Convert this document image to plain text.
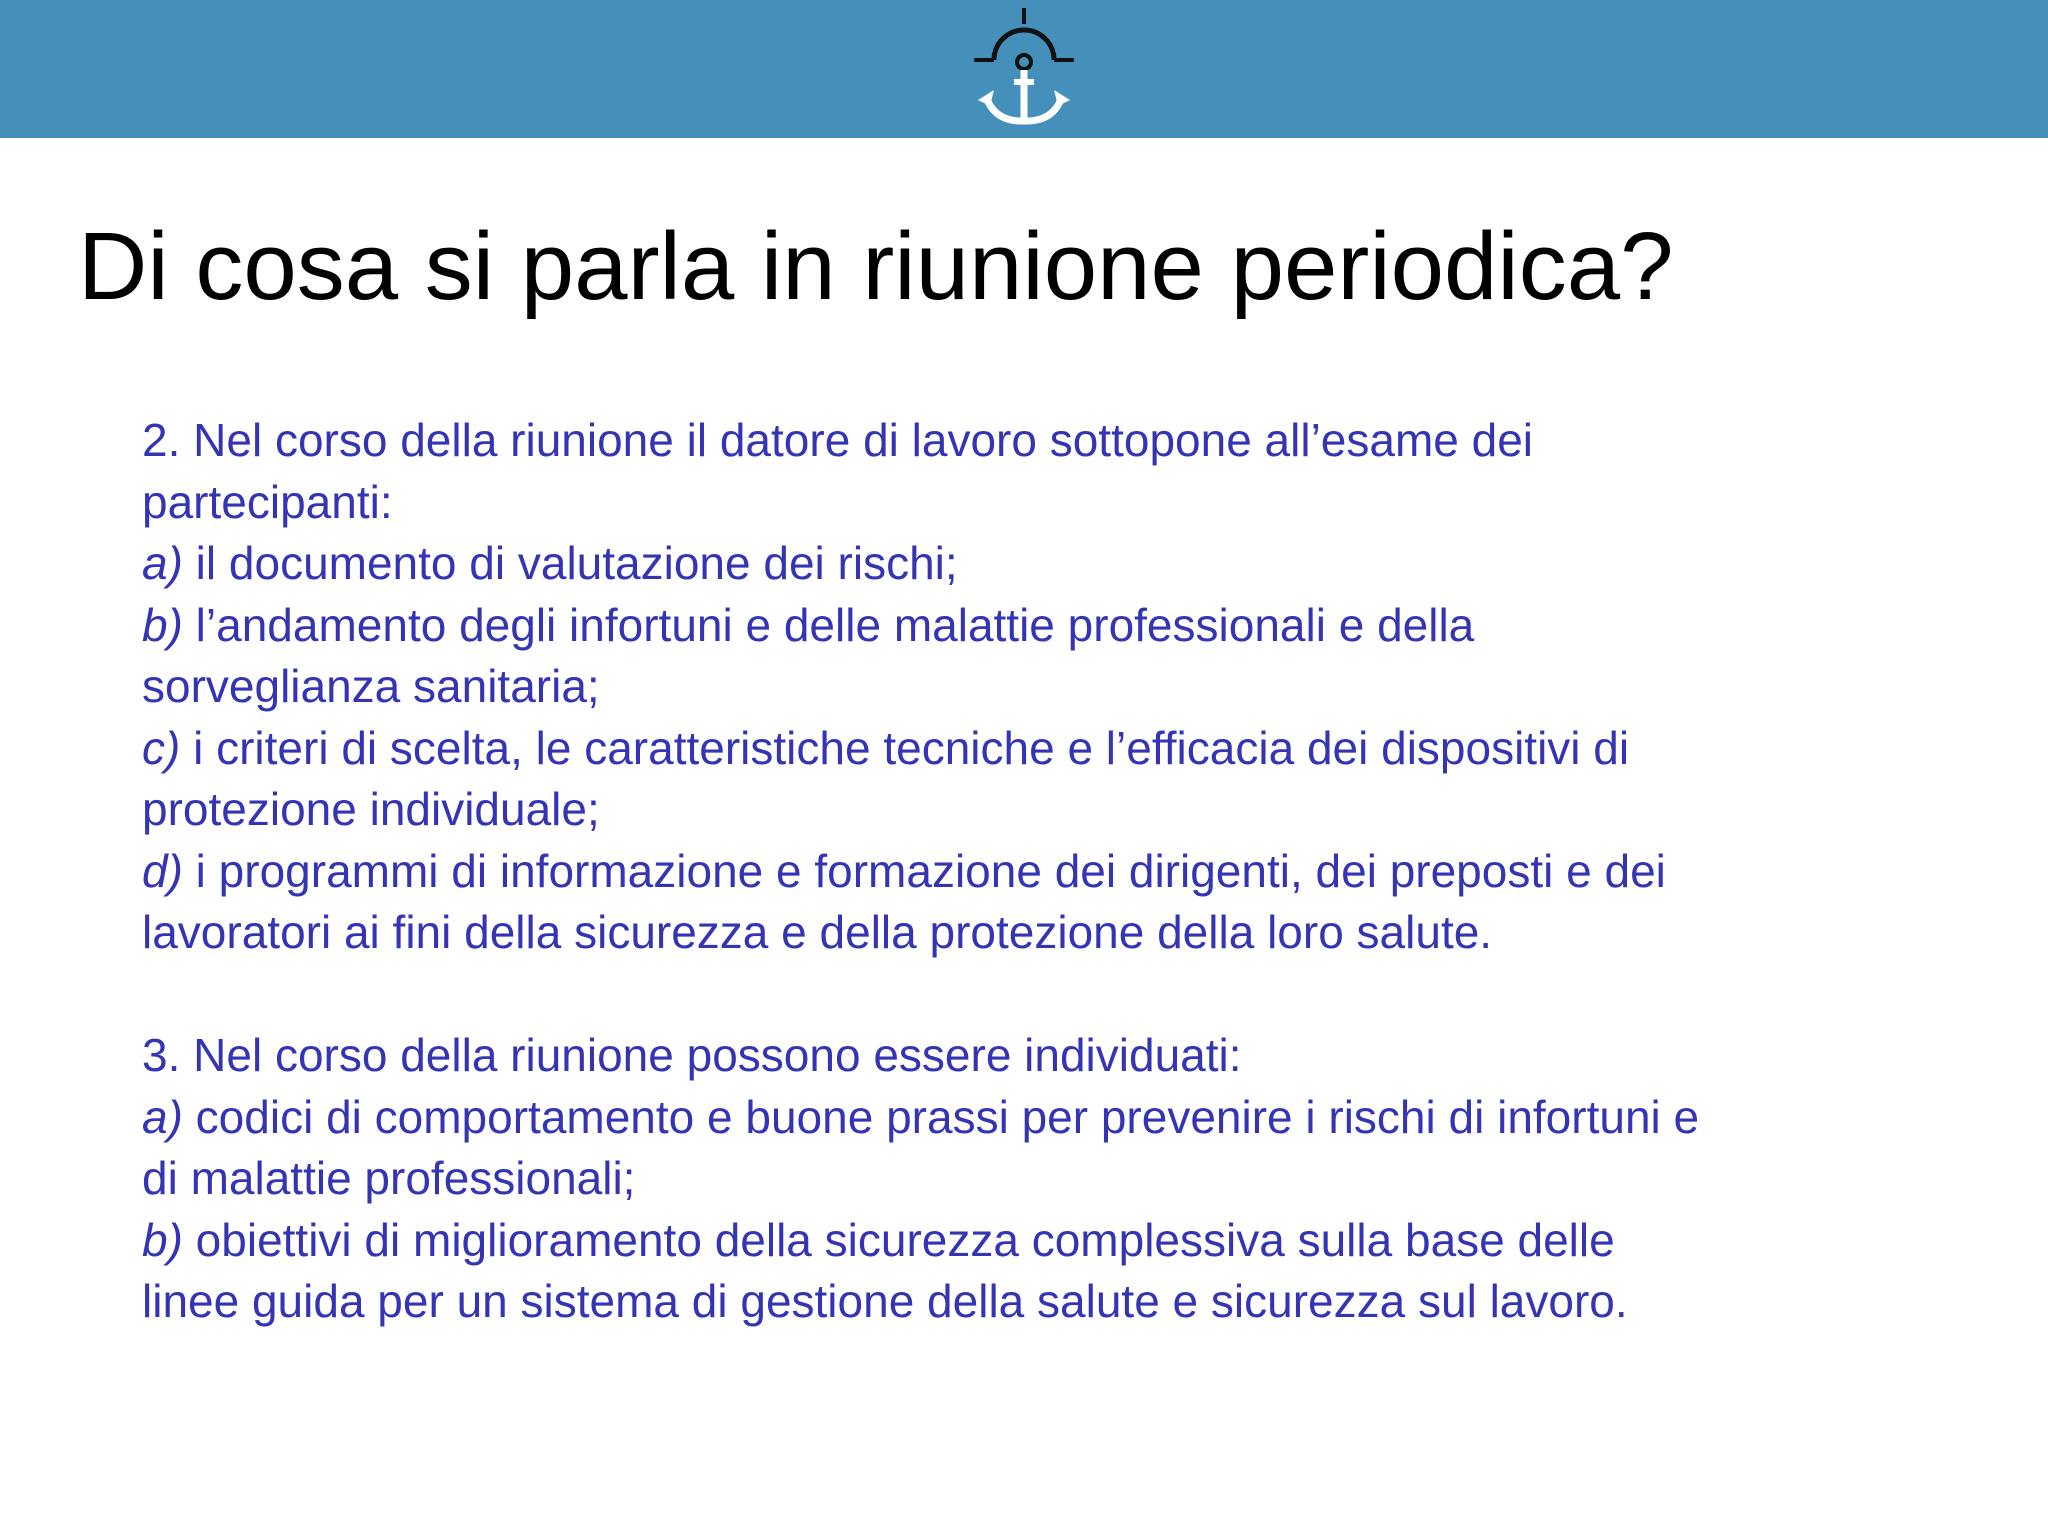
Di cosa si parla in riunione periodica?
2. Nel corso della riunione il datore di lavoro sottopone all’esame dei
partecipanti:
a) il documento di valutazione dei rischi;
b) l’andamento degli infortuni e delle malattie professionali e della
sorveglianza sanitaria;
c) i criteri di scelta, le caratteristiche tecniche e l’efficacia dei dispositivi di
protezione individuale;
d) i programmi di informazione e formazione dei dirigenti, dei preposti e dei
lavoratori ai fini della sicurezza e della protezione della loro salute.
3. Nel corso della riunione possono essere individuati:
a) codici di comportamento e buone prassi per prevenire i rischi di infortuni e
di malattie professionali;
b) obiettivi di miglioramento della sicurezza complessiva sulla base delle
linee guida per un sistema di gestione della salute e sicurezza sul lavoro.
